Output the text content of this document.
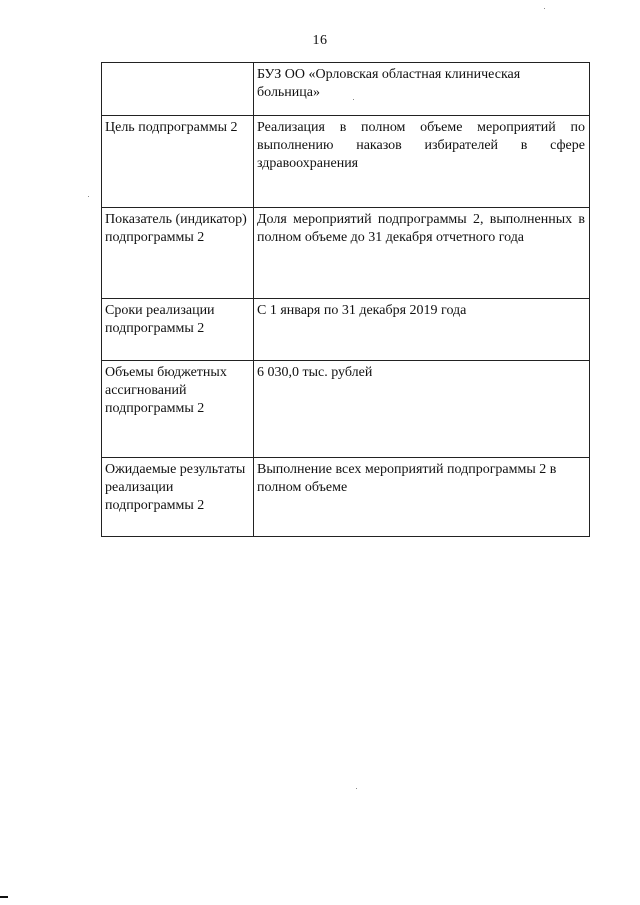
16
	БУЗ ОО «Орловская областная клиническая больница»
Цель подпрограммы 2	Реализация в полном объеме мероприятий по выполнению наказов избирателей в сфере здравоохранения
Показатель (индикатор) подпрограммы 2	Доля мероприятий подпрограммы 2, выполненных в полном объеме до 31 декабря отчетного года
Сроки реализации подпрограммы 2	С 1 января по 31 декабря 2019 года
Объемы бюджетных ассигнований подпрограммы 2	6 030,0 тыс. рублей
Ожидаемые результаты реализации подпрограммы 2	Выполнение всех мероприятий подпрограммы 2 в полном объеме
